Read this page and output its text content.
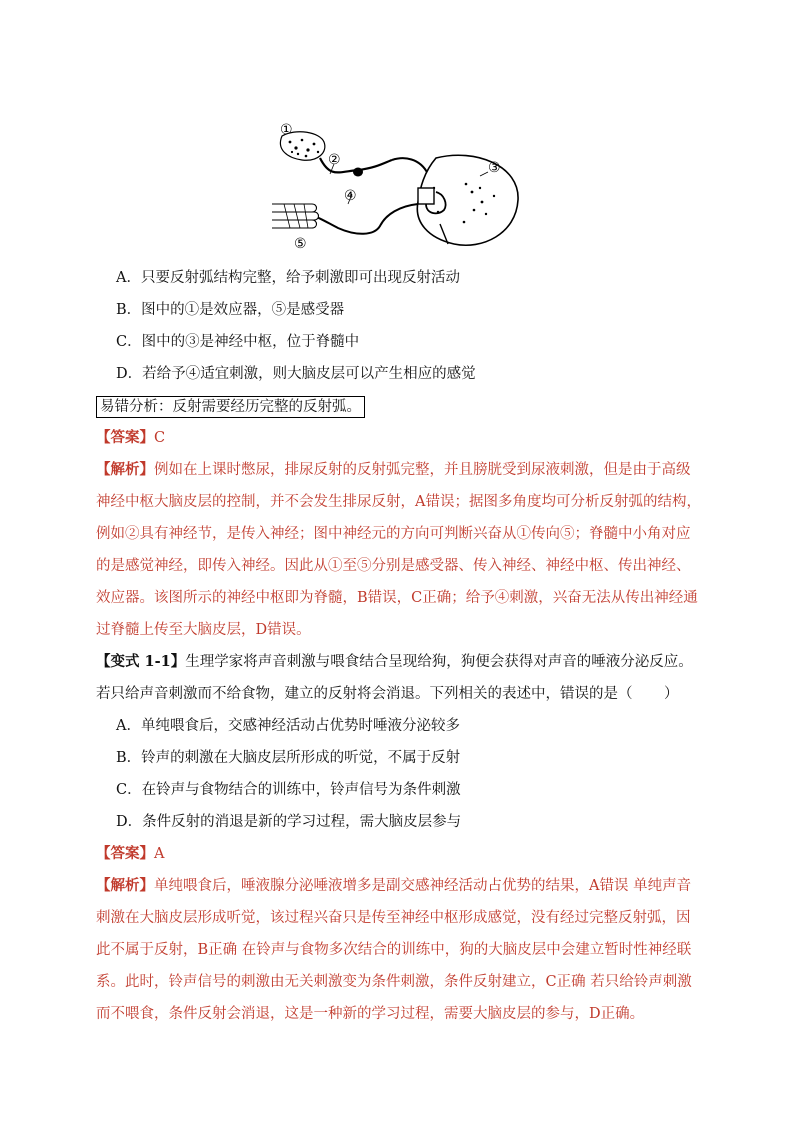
①
②	③
④
⑤
A．只要反射弧结构完整，给予刺激即可出现反射活动
B．图中的①是效应器，⑤是感受器
C．图中的③是神经中枢，位于脊髓中
D．若给予④适宜刺激，则大脑皮层可以产生相应的感觉
易错分析：反射需要经历完整的反射弧。
【答案】C
【解析】例如在上课时憋尿，排尿反射的反射弧完整，并且膀胱受到尿液刺激，但是由于高级
神经中枢大脑皮层的控制，并不会发生排尿反射，A错误；据图多角度均可分析反射弧的结构，
例如②具有神经节，是传入神经；图中神经元的方向可判断兴奋从①传向⑤；脊髓中小角对应
的是感觉神经，即传入神经。因此从①至⑤分别是感受器、传入神经、神经中枢、传出神经、
效应器。该图所示的神经中枢即为脊髓，B错误，C正确；给予④刺激，兴奋无法从传出神经通
过脊髓上传至大脑皮层，D错误。
【变式 1-1】生理学家将声音刺激与喂食结合呈现给狗，狗便会获得对声音的唾液分泌反应。
若只给声音刺激而不给食物，建立的反射将会消退。下列相关的表述中，错误的是（	）
A．单纯喂食后，交感神经活动占优势时唾液分泌较多
B．铃声的刺激在大脑皮层所形成的听觉，不属于反射
C．在铃声与食物结合的训练中，铃声信号为条件刺激
D．条件反射的消退是新的学习过程，需大脑皮层参与
【答案】A
【解析】单纯喂食后，唾液腺分泌唾液增多是副交感神经活动占优势的结果，A错误 单纯声音
刺激在大脑皮层形成听觉，该过程兴奋只是传至神经中枢形成感觉，没有经过完整反射弧，因
此不属于反射，B正确 在铃声与食物多次结合的训练中，狗的大脑皮层中会建立暂时性神经联
系。此时，铃声信号的刺激由无关刺激变为条件刺激，条件反射建立，C正确 若只给铃声刺激
而不喂食，条件反射会消退，这是一种新的学习过程，需要大脑皮层的参与，D正确。
